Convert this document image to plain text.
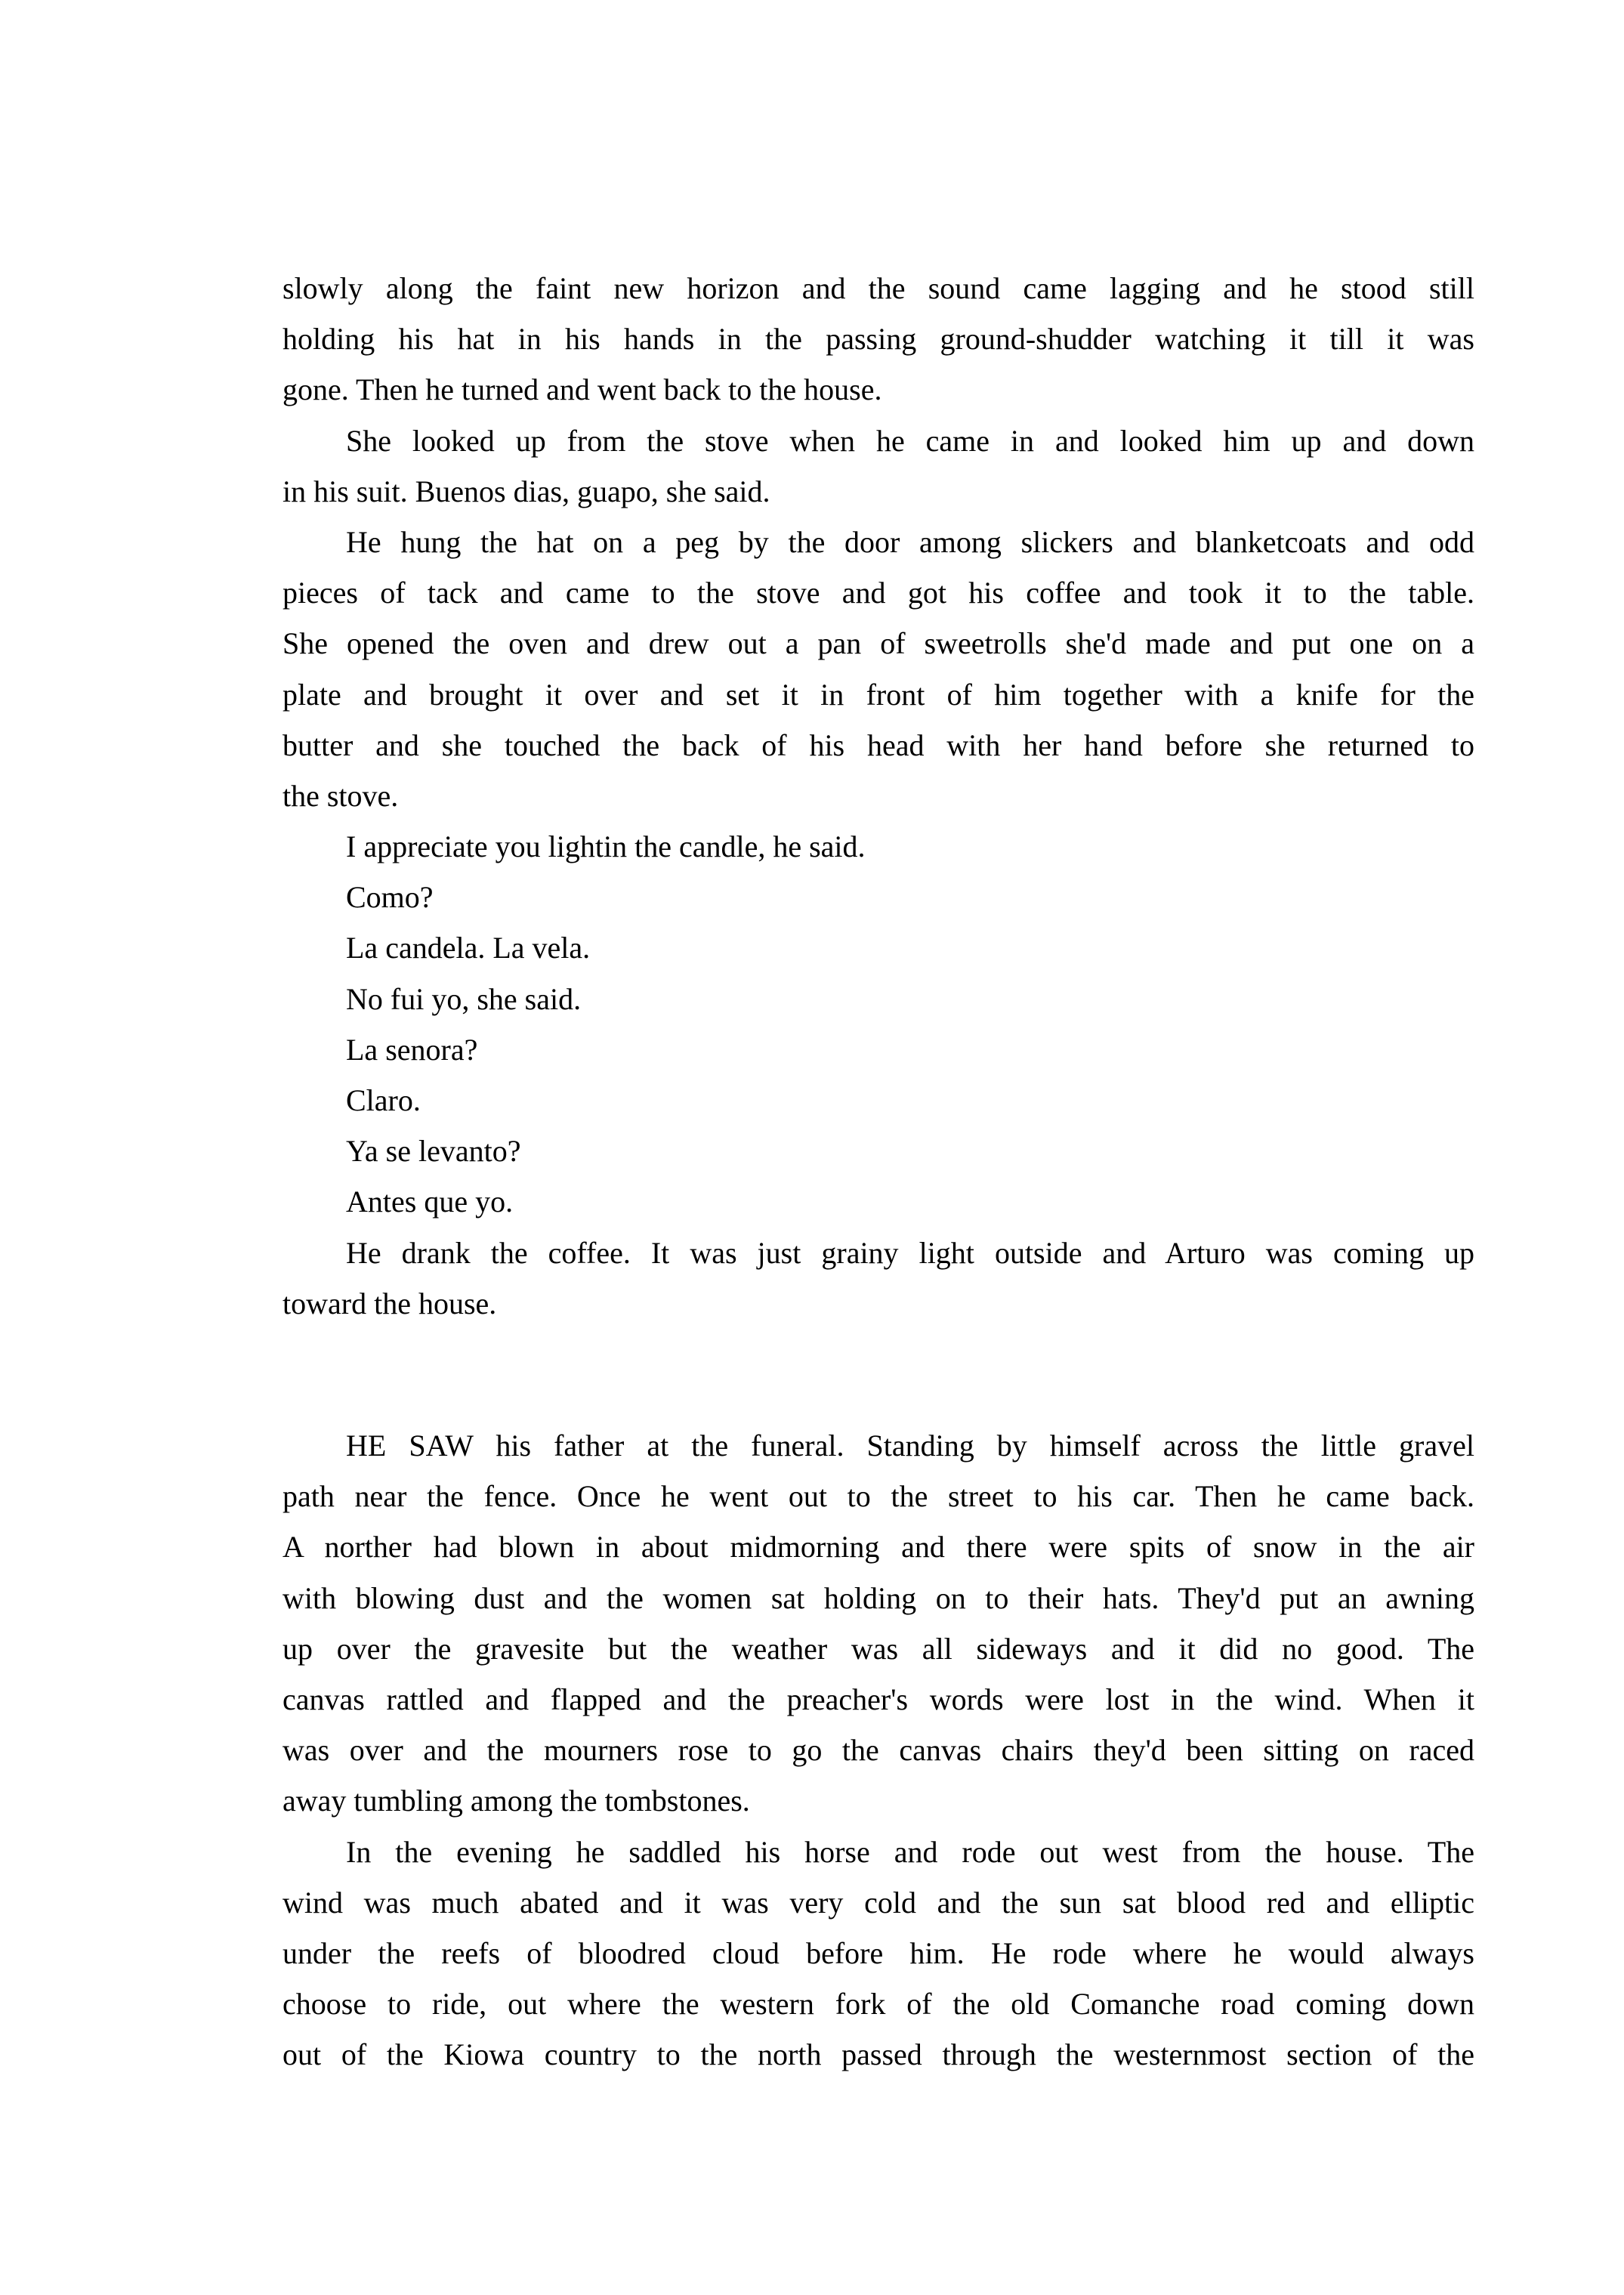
slowly along the faint new horizon and the sound came lagging and he stood still
holding his hat in his hands in the passing ground-shudder watching it till it was
gone. Then he turned and went back to the house.
She looked up from the stove when he came in and looked him up and down
in his suit. Buenos dias, guapo, she said.
He hung the hat on a peg by the door among slickers and blanketcoats and odd
pieces of tack and came to the stove and got his coffee and took it to the table.
She opened the oven and drew out a pan of sweetrolls she'd made and put one on a
plate and brought it over and set it in front of him together with a knife for the
butter and she touched the back of his head with her hand before she returned to
the stove.
I appreciate you lightin the candle, he said.
Como?
La candela. La vela.
No fui yo, she said.
La senora?
Claro.
Ya se levanto?
Antes que yo.
He drank the coffee. It was just grainy light outside and Arturo was coming up
toward the house.
HE SAW his father at the funeral. Standing by himself across the little gravel
path near the fence. Once he went out to the street to his car. Then he came back.
A norther had blown in about midmorning and there were spits of snow in the air
with blowing dust and the women sat holding on to their hats. They'd put an awning
up over the gravesite but the weather was all sideways and it did no good. The
canvas rattled and flapped and the preacher's words were lost in the wind. When it
was over and the mourners rose to go the canvas chairs they'd been sitting on raced
away tumbling among the tombstones.
In the evening he saddled his horse and rode out west from the house. The
wind was much abated and it was very cold and the sun sat blood red and elliptic
under the reefs of bloodred cloud before him. He rode where he would always
choose to ride, out where the western fork of the old Comanche road coming down
out of the Kiowa country to the north passed through the westernmost section of the
